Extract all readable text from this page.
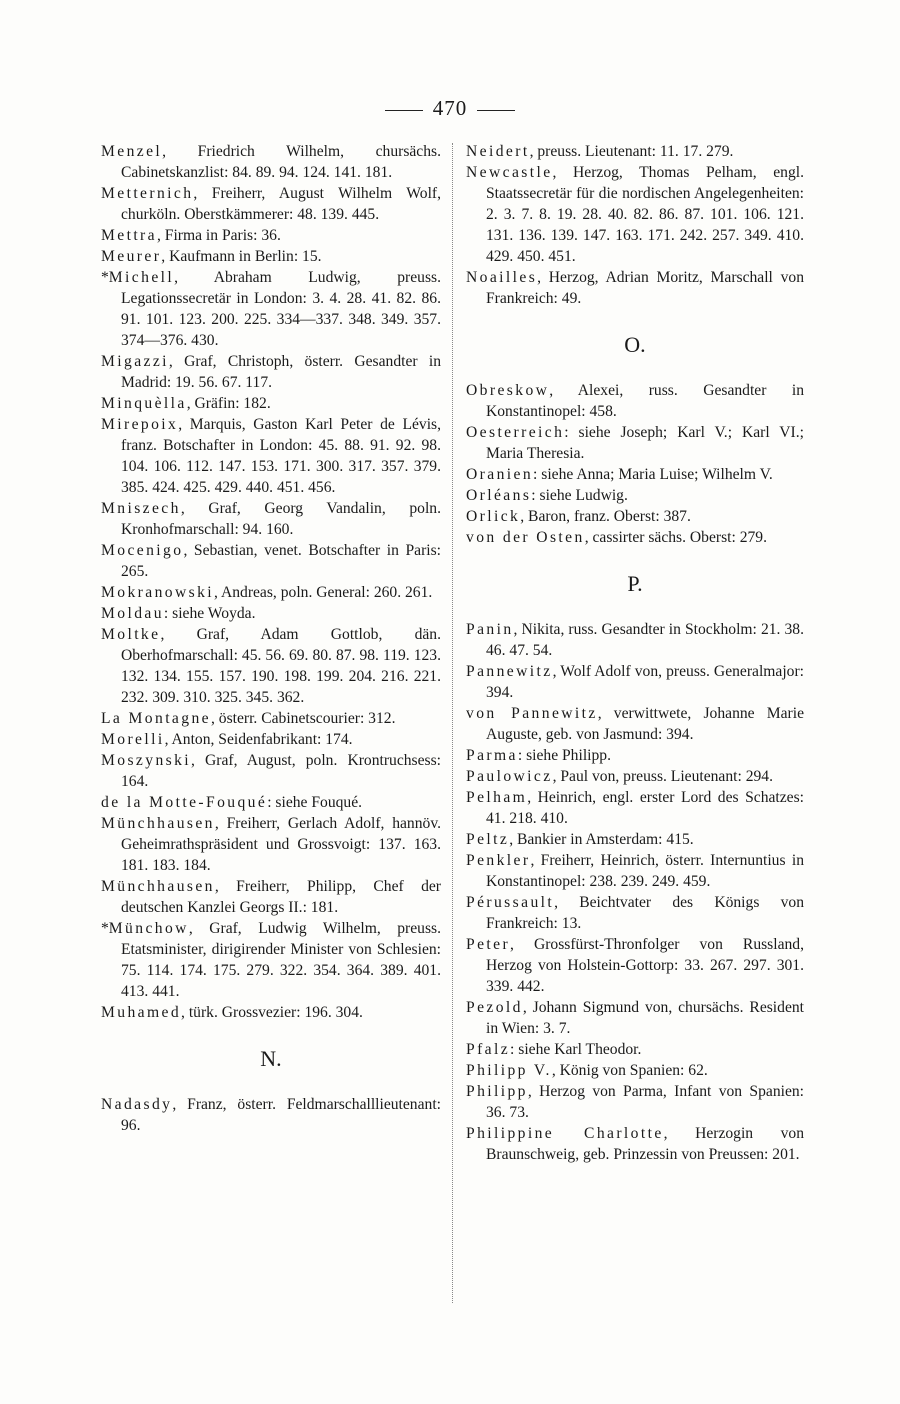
470

Menzel, Friedrich Wilhelm, chursächs. Cabinetskanzlist: 84. 89. 94. 124. 141. 181.

Metternich, Freiherr, August Wilhelm Wolf, churköln. Oberstkämmerer: 48. 139. 445.

Mettra, Firma in Paris: 36.

Meurer, Kaufmann in Berlin: 15.

*Michell, Abraham Ludwig, preuss. Legationssecretär in London: 3. 4. 28. 41. 82. 86. 91. 101. 123. 200. 225. 334—337. 348. 349. 357. 374—376. 430.

Migazzi, Graf, Christoph, österr. Gesandter in Madrid: 19. 56. 67. 117.

Minquèlla, Gräfin: 182.

Mirepoix, Marquis, Gaston Karl Peter de Lévis, franz. Botschafter in London: 45. 88. 91. 92. 98. 104. 106. 112. 147. 153. 171. 300. 317. 357. 379. 385. 424. 425. 429. 440. 451. 456.

Mniszech, Graf, Georg Vandalin, poln. Kronhofmarschall: 94. 160.

Mocenigo, Sebastian, venet. Botschafter in Paris: 265.

Mokranowski, Andreas, poln. General: 260. 261.

Moldau: siehe Woyda.

Moltke, Graf, Adam Gottlob, dän. Oberhofmarschall: 45. 56. 69. 80. 87. 98. 119. 123. 132. 134. 155. 157. 190. 198. 199. 204. 216. 221. 232. 309. 310. 325. 345. 362.

La Montagne, österr. Cabinetscourier: 312.

Morelli, Anton, Seidenfabrikant: 174.

Moszynski, Graf, August, poln. Krontruchsess: 164.

de la Motte-Fouqué: siehe Fouqué.

Münchhausen, Freiherr, Gerlach Adolf, hannöv. Geheimrathspräsident und Grossvoigt: 137. 163. 181. 183. 184.

Münchhausen, Freiherr, Philipp, Chef der deutschen Kanzlei Georgs II.: 181.

*Münchow, Graf, Ludwig Wilhelm, preuss. Etatsminister, dirigirender Minister von Schlesien: 75. 114. 174. 175. 279. 322. 354. 364. 389. 401. 413. 441.

Muhamed, türk. Grossvezier: 196. 304.

N.

Nadasdy, Franz, österr. Feldmarschalllieutenant: 96.

Neidert, preuss. Lieutenant: 11. 17. 279.

Newcastle, Herzog, Thomas Pelham, engl. Staatssecretär für die nordischen Angelegenheiten: 2. 3. 7. 8. 19. 28. 40. 82. 86. 87. 101. 106. 121. 131. 136. 139. 147. 163. 171. 242. 257. 349. 410. 429. 450. 451.

Noailles, Herzog, Adrian Moritz, Marschall von Frankreich: 49.

O.

Obreskow, Alexei, russ. Gesandter in Konstantinopel: 458.

Oesterreich: siehe Joseph; Karl V.; Karl VI.; Maria Theresia.

Oranien: siehe Anna; Maria Luise; Wilhelm V.

Orléans: siehe Ludwig.

Orlick, Baron, franz. Oberst: 387.

von der Osten, cassirter sächs. Oberst: 279.

P.

Panin, Nikita, russ. Gesandter in Stockholm: 21. 38. 46. 47. 54.

Pannewitz, Wolf Adolf von, preuss. Generalmajor: 394.

von Pannewitz, verwittwete, Johanne Marie Auguste, geb. von Jasmund: 394.

Parma: siehe Philipp.

Paulowicz, Paul von, preuss. Lieutenant: 294.

Pelham, Heinrich, engl. erster Lord des Schatzes: 41. 218. 410.

Peltz, Bankier in Amsterdam: 415.

Penkler, Freiherr, Heinrich, österr. Internuntius in Konstantinopel: 238. 239. 249. 459.

Pérussault, Beichtvater des Königs von Frankreich: 13.

Peter, Grossfürst-Thronfolger von Russland, Herzog von Holstein-Gottorp: 33. 267. 297. 301. 339. 442.

Pezold, Johann Sigmund von, chursächs. Resident in Wien: 3. 7.

Pfalz: siehe Karl Theodor.

Philipp V., König von Spanien: 62.

Philipp, Herzog von Parma, Infant von Spanien: 36. 73.

Philippine Charlotte, Herzogin von Braunschweig, geb. Prinzessin von Preussen: 201.
